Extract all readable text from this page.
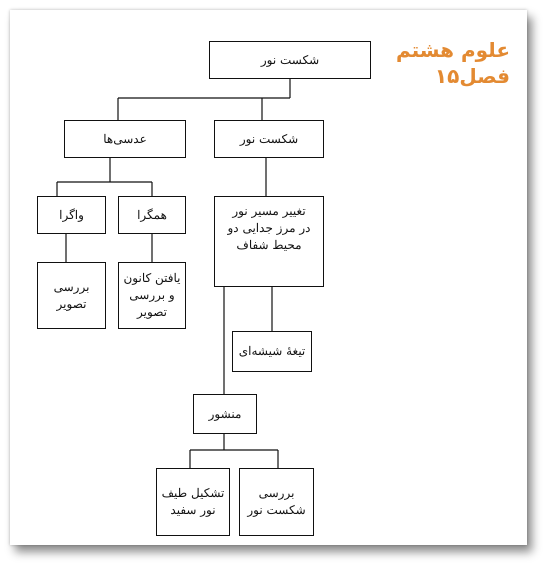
شکست نور
عدسی‌ها	شکست نور
واگرا	همگرا	تغییر مسیر نور
در مرز جدایی دو
محیط شفاف
بررسی
تصویر
یافتن کانون
و بررسی
تصویر
تیغهٔ شیشه‌ای
منشور
تشکیل طیف
نور سفید
بررسی
شکست نور
علوم هشتم
فصل۱۵
